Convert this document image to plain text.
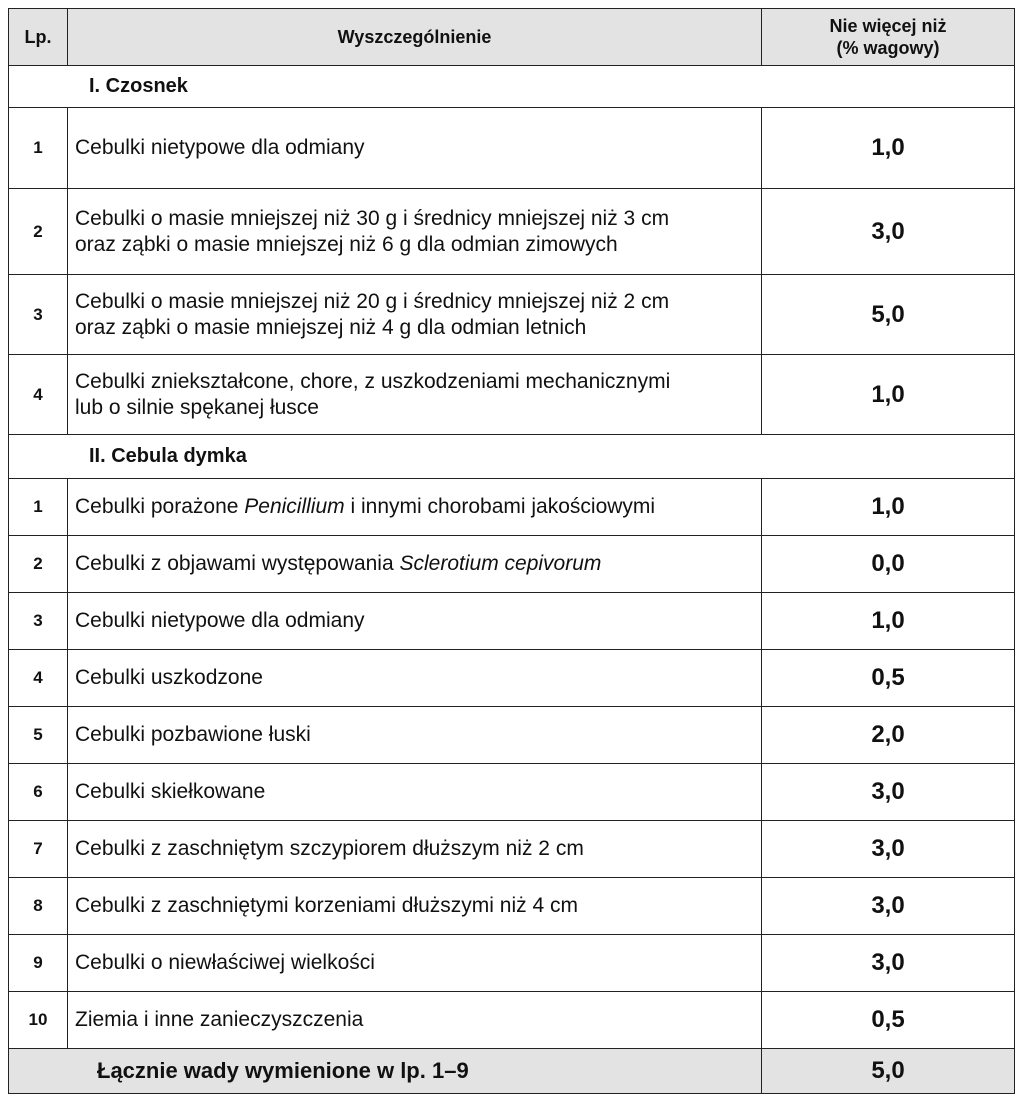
Lp.	Wyszczególnienie	Nie więcej niż
(% wagowy)

I. Czosnek		
1	Cebulki nietypowe dla odmiany	1,0
2	Cebulki o masie mniejszej niż 30 g i średnicy mniejszej niż 3 cm
oraz ząbki o masie mniejszej niż 6 g dla odmian zimowych	3,0
3	Cebulki o masie mniejszej niż 20 g i średnicy mniejszej niż 2 cm
oraz ząbki o masie mniejszej niż 4 g dla odmian letnich	5,0
4	Cebulki zniekształcone, chore, z uszkodzeniami mechanicznymi
lub o silnie spękanej łusce	1,0
II. Cebula dymka		
1	Cebulki porażone Penicillium i innymi chorobami jakościowymi	1,0
2	Cebulki z objawami występowania Sclerotium cepivorum	0,0
3	Cebulki nietypowe dla odmiany	1,0
4	Cebulki uszkodzone	0,5
5	Cebulki pozbawione łuski	2,0
6	Cebulki skiełkowane	3,0
7	Cebulki z zaschniętym szczypiorem dłuższym niż 2 cm	3,0
8	Cebulki z zaschniętymi korzeniami dłuższymi niż 4 cm	3,0
9	Cebulki o niewłaściwej wielkości	3,0
10	Ziemia i inne zanieczyszczenia	0,5
Łącznie wady wymienione w lp. 1–9		5,0
